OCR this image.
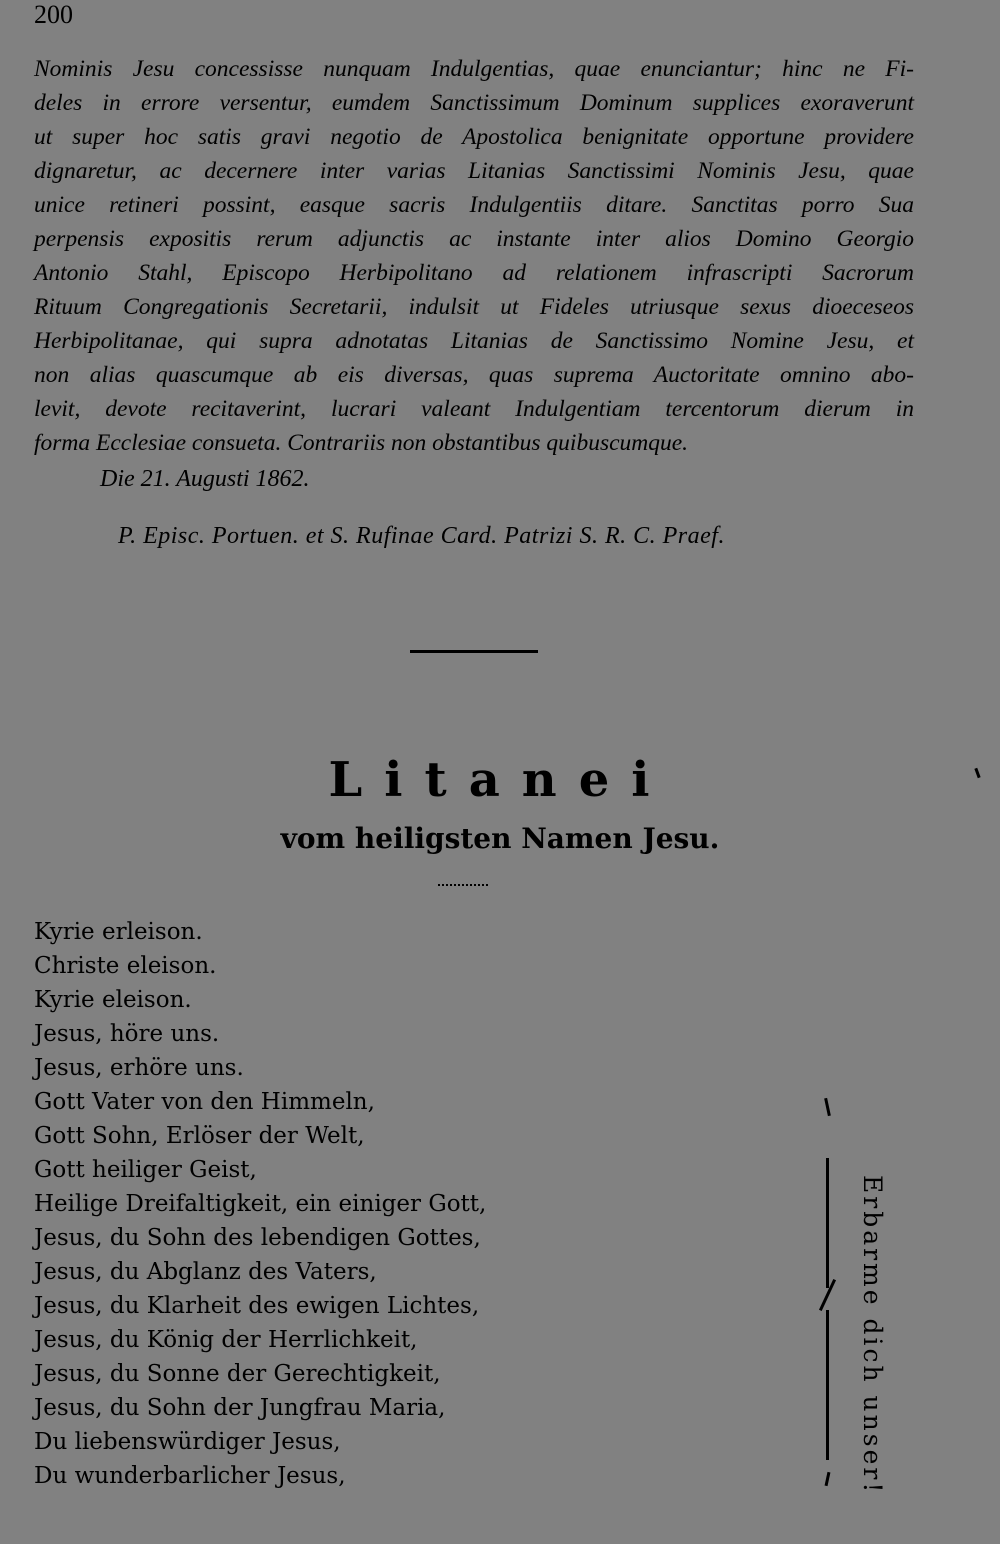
200
Nominis Jesu concessisse nunquam Indulgentias, quae enunciantur; hinc ne Fi-
deles in errore versentur, eumdem Sanctissimum Dominum supplices exoraverunt
ut super hoc satis gravi negotio de Apostolica benignitate opportune providere
dignaretur, ac decernere inter varias Litanias Sanctissimi Nominis Jesu, quae
unice retineri possint, easque sacris Indulgentiis ditare. Sanctitas porro Sua
perpensis expositis rerum adjunctis ac instante inter alios Domino Georgio
Antonio Stahl, Episcopo Herbipolitano ad relationem infrascripti Sacrorum
Rituum Congregationis Secretarii, indulsit ut Fideles utriusque sexus dioeceseos
Herbipolitanae, qui supra adnotatas Litanias de Sanctissimo Nomine Jesu, et
non alias quascumque ab eis diversas, quas suprema Auctoritate omnino abo-
levit, devote recitaverint, lucrari valeant Indulgentiam tercentorum dierum in
forma Ecclesiae consueta. Contrariis non obstantibus quibuscumque.
Die 21. Augusti 1862.
P. Episc. Portuen. et S. Rufinae Card. Patrizi S. R. C. Praef.
Litanei
vom heiligsten Namen Jesu.
Kyrie erleison.
Christe eleison.
Kyrie eleison.
Jesus, höre uns.
Jesus, erhöre uns.
Gott Vater von den Himmeln,
Gott Sohn, Erlöser der Welt,
Gott heiliger Geist,
Heilige Dreifaltigkeit, ein einiger Gott,
Jesus, du Sohn des lebendigen Gottes,
Jesus, du Abglanz des Vaters,
Jesus, du Klarheit des ewigen Lichtes,
Jesus, du König der Herrlichkeit,
Jesus, du Sonne der Gerechtigkeit,
Jesus, du Sohn der Jungfrau Maria,
Du liebenswürdiger Jesus,
Du wunderbarlicher Jesus,	Erbarme dich unser!
